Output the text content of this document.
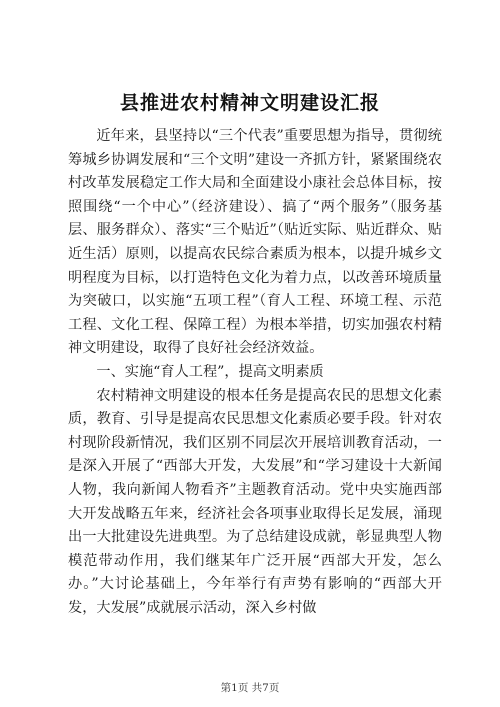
县推进农村精神文明建设汇报

近年来，县坚持以“三个代表”重要思想为指导，贯彻统筹城乡协调发展和“三个文明”建设一齐抓方针，紧紧围绕农村改革发展稳定工作大局和全面建设小康社会总体目标，按照围绕“一个中心”（经济建设）、搞了“两个服务”（服务基层、服务群众）、落实“三个贴近”（贴近实际、贴近群众、贴近生活）原则，以提高农民综合素质为根本，以提升城乡文明程度为目标，以打造特色文化为着力点，以改善环境质量为突破口，以实施“五项工程”（育人工程、环境工程、示范工程、文化工程、保障工程）为根本举措，切实加强农村精神文明建设，取得了良好社会经济效益。

一、实施“育人工程”，提高文明素质

农村精神文明建设的根本任务是提高农民的思想文化素质，教育、引导是提高农民思想文化素质必要手段。针对农村现阶段新情况，我们区别不同层次开展培训教育活动，一是深入开展了“西部大开发，大发展”和“学习建设十大新闻人物，我向新闻人物看齐”主题教育活动。党中央实施西部大开发战略五年来，经济社会各项事业取得长足发展，涌现出一大批建设先进典型。为了总结建设成就，彰显典型人物模范带动作用，我们继某年广泛开展“西部大开发，怎么办。”大讨论基础上，今年举行有声势有影响的“西部大开发，大发展”成就展示活动，深入乡村做

第1页 共7页
